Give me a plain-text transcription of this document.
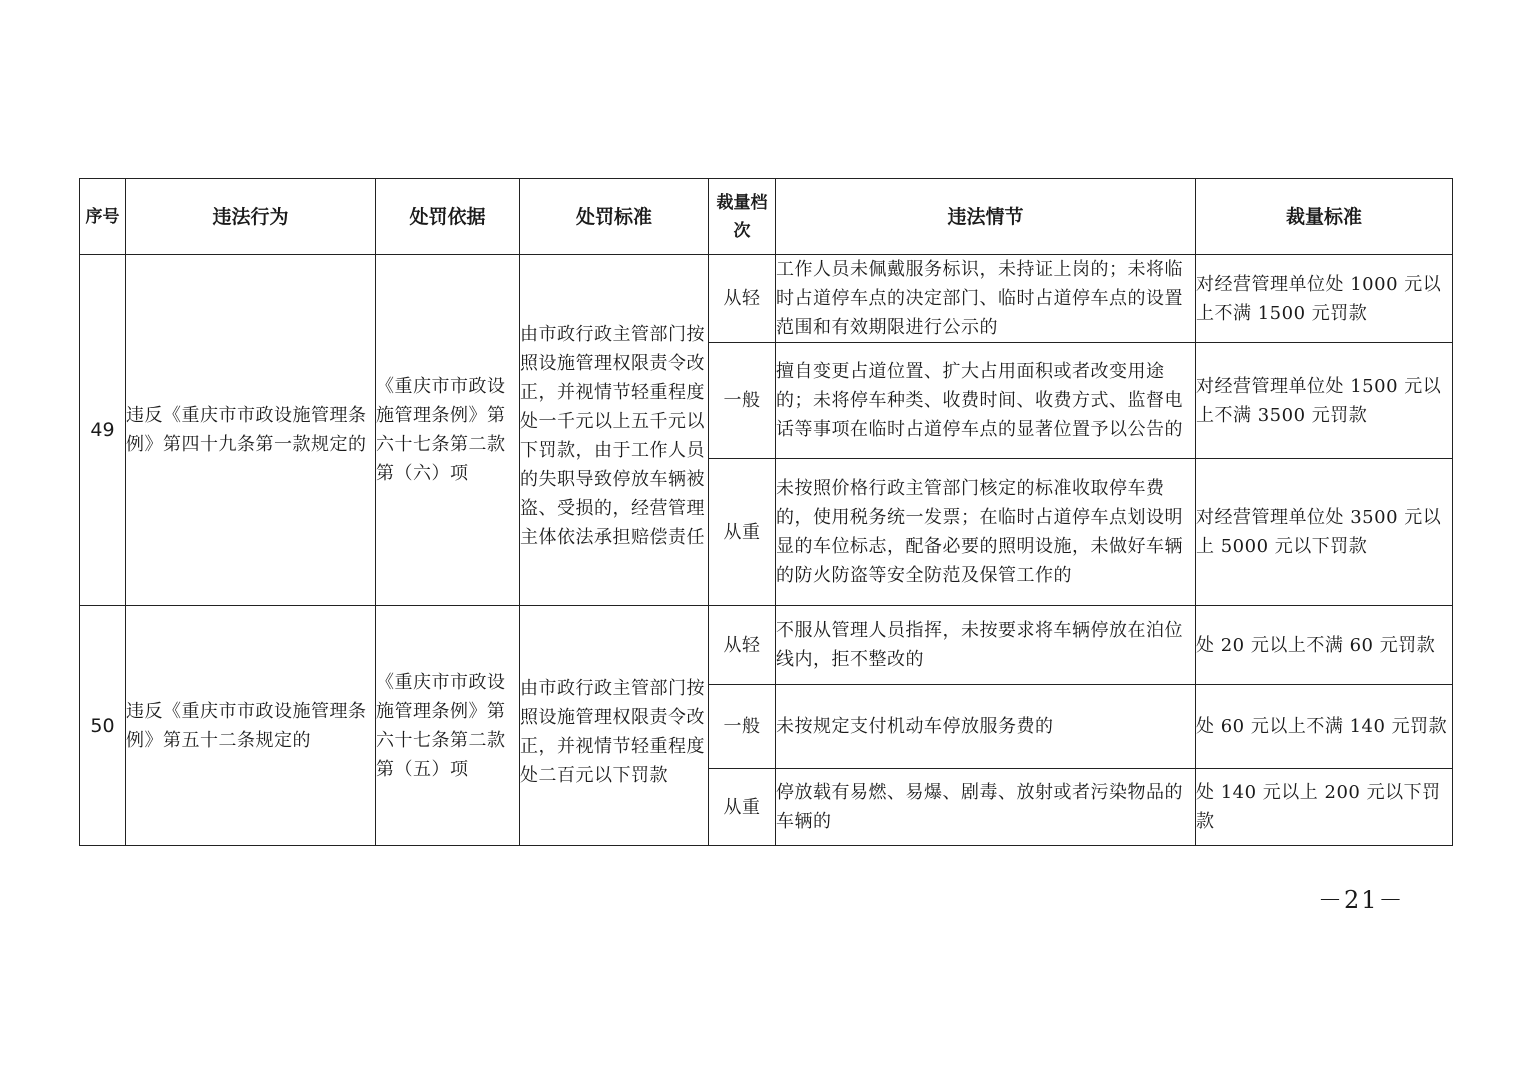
序号	违法行为	处罚依据	处罚标准	裁量档次	违法情节	裁量标准
49	违反《重庆市市政设施管理条例》第四十九条第一款规定的	《重庆市市政设施管理条例》第六十七条第二款第（六）项	由市政行政主管部门按照设施管理权限责令改正，并视情节轻重程度处一千元以上五千元以下罚款，由于工作人员的失职导致停放车辆被盗、受损的，经营管理主体依法承担赔偿责任	从轻	工作人员未佩戴服务标识，未持证上岗的；未将临时占道停车点的决定部门、临时占道停车点的设置范围和有效期限进行公示的	对经营管理单位处 1000 元以上不满 1500 元罚款
				一般	擅自变更占道位置、扩大占用面积或者改变用途的；未将停车种类、收费时间、收费方式、监督电话等事项在临时占道停车点的显著位置予以公告的	对经营管理单位处 1500 元以上不满 3500 元罚款
				从重	未按照价格行政主管部门核定的标准收取停车费的，使用税务统一发票；在临时占道停车点划设明显的车位标志，配备必要的照明设施，未做好车辆的防火防盗等安全防范及保管工作的	对经营管理单位处 3500 元以上 5000 元以下罚款
50	违反《重庆市市政设施管理条例》第五十二条规定的	《重庆市市政设施管理条例》第六十七条第二款第（五）项	由市政行政主管部门按照设施管理权限责令改正，并视情节轻重程度处二百元以下罚款	从轻	不服从管理人员指挥，未按要求将车辆停放在泊位线内，拒不整改的	处 20 元以上不满 60 元罚款
				一般	未按规定支付机动车停放服务费的	处 60 元以上不满 140 元罚款
				从重	停放载有易燃、易爆、剧毒、放射或者污染物品的车辆的	处 140 元以上 200 元以下罚款
－21－
